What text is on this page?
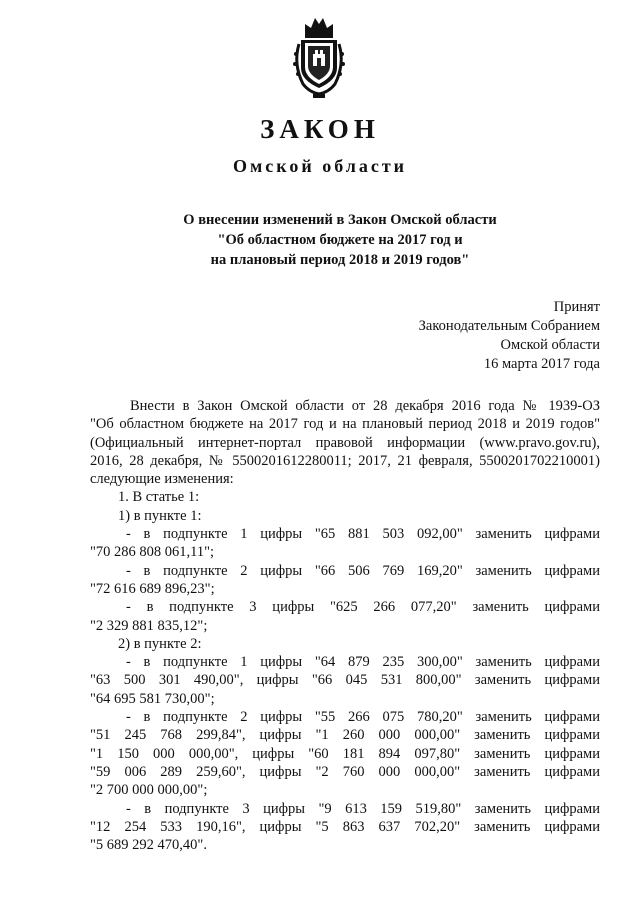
ЗАКОН
Омской области
О внесении изменений в Закон Омской области
"Об областном бюджете на 2017 год и
на плановый период 2018 и 2019 годов"
Принят
Законодательным Собранием
Омской области
16 марта 2017 года
Внести в Закон Омской области от 28 декабря 2016 года № 1939-ОЗ
"Об областном бюджете на 2017 год и на плановый период 2018 и 2019 годов"
(Официальный интернет-портал правовой информации (www.pravo.gov.ru),
2016, 28 декабря, № 5500201612280011; 2017, 21 февраля, 5500201702210001)
следующие изменения:
1. В статье 1:
1) в пункте 1:
- в подпункте 1 цифры "65 881 503 092,00" заменить цифрами
"70 286 808 061,11";
- в подпункте 2 цифры "66 506 769 169,20" заменить цифрами
"72 616 689 896,23";
- в подпункте 3 цифры "625 266 077,20" заменить цифрами
"2 329 881 835,12";
2) в пункте 2:
- в подпункте 1 цифры "64 879 235 300,00" заменить цифрами
"63 500 301 490,00", цифры "66 045 531 800,00" заменить цифрами
"64 695 581 730,00";
- в подпункте 2 цифры "55 266 075 780,20" заменить цифрами
"51 245 768 299,84", цифры "1 260 000 000,00" заменить цифрами
"1 150 000 000,00", цифры "60 181 894 097,80" заменить цифрами
"59 006 289 259,60", цифры "2 760 000 000,00" заменить цифрами
"2 700 000 000,00";
- в подпункте 3 цифры "9 613 159 519,80" заменить цифрами
"12 254 533 190,16", цифры "5 863 637 702,20" заменить цифрами
"5 689 292 470,40".
